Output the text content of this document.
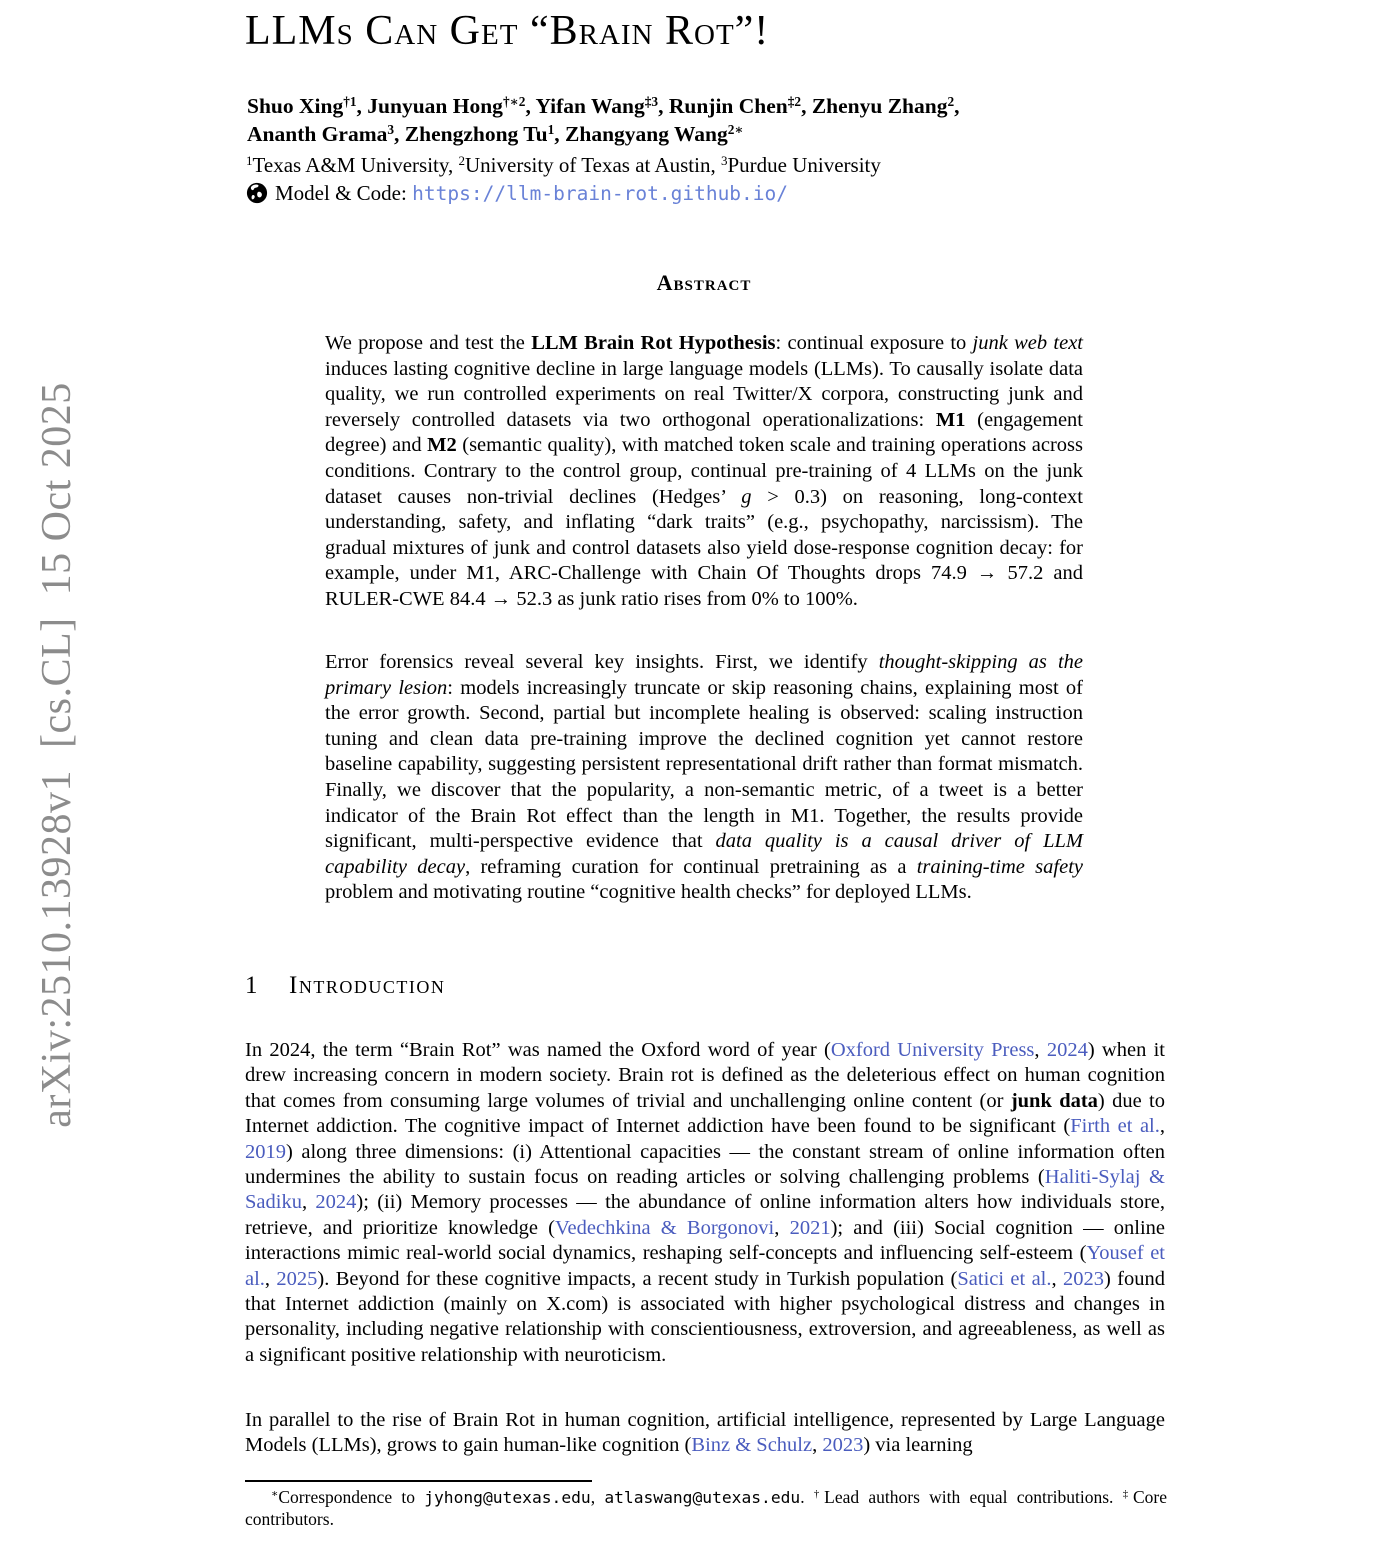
arXiv:2510.13928v1  [cs.CL]  15 Oct 2025
LLMs Can Get “Brain Rot”!
Shuo Xing$^{\dagger 1}$, Junyuan Hong$^{\dagger∗2}$, Yifan Wang$^{\ddagger 3}$, Runjin Chen$^{\ddagger 2}$, Zhenyu Zhang$^2$,
Ananth Grama$^3$, Zhengzhong Tu$^1$, Zhangyang Wang$^{2∗}$
$^1$Texas A&M University, $^2$University of Texas at Austin, $^3$Purdue University
Model & Code: https://llm-brain-rot.github.io/
Abstract

We propose and test the LLM Brain Rot Hypothesis: continual exposure to junk web text induces lasting cognitive decline in large language models (LLMs). To causally isolate data quality, we run controlled experiments on real Twitter/X corpora, constructing junk and reversely controlled datasets via two orthogonal operationalizations: M1 (engagement degree) and M2 (semantic quality), with matched token scale and training operations across conditions. Contrary to the control group, continual pre-training of 4 LLMs on the junk dataset causes non-trivial declines (Hedges’ g > 0.3) on reasoning, long-context understanding, safety, and inflating “dark traits” (e.g., psychopathy, narcissism). The gradual mixtures of junk and control datasets also yield dose-response cognition decay: for example, under M1, ARC-Challenge with Chain Of Thoughts drops 74.9 → 57.2 and RULER-CWE 84.4 → 52.3 as junk ratio rises from 0% to 100%.

Error forensics reveal several key insights. First, we identify thought-skipping as the primary lesion: models increasingly truncate or skip reasoning chains, explaining most of the error growth. Second, partial but incomplete healing is observed: scaling instruction tuning and clean data pre-training improve the declined cognition yet cannot restore baseline capability, suggesting persistent representational drift rather than format mismatch. Finally, we discover that the popularity, a non-semantic metric, of a tweet is a better indicator of the Brain Rot effect than the length in M1. Together, the results provide significant, multi-perspective evidence that data quality is a causal driver of LLM capability decay, reframing curation for continual pretraining as a training-time safety problem and motivating routine “cognitive health checks” for deployed LLMs.

1 Introduction

In 2024, the term “Brain Rot” was named the Oxford word of year (Oxford University Press, 2024) when it drew increasing concern in modern society. Brain rot is defined as the deleterious effect on human cognition that comes from consuming large volumes of trivial and unchallenging online content (or junk data) due to Internet addiction. The cognitive impact of Internet addiction have been found to be significant (Firth et al., 2019) along three dimensions: (i) Attentional capacities — the constant stream of online information often undermines the ability to sustain focus on reading articles or solving challenging problems (Haliti-Sylaj & Sadiku, 2024); (ii) Memory processes — the abundance of online information alters how individuals store, retrieve, and prioritize knowledge (Vedechkina & Borgonovi, 2021); and (iii) Social cognition — online interactions mimic real-world social dynamics, reshaping self-concepts and influencing self-esteem (Yousef et al., 2025). Beyond for these cognitive impacts, a recent study in Turkish population (Satici et al., 2023) found that Internet addiction (mainly on X.com) is associated with higher psychological distress and changes in personality, including negative relationship with conscientiousness, extroversion, and agreeableness, as well as a significant positive relationship with neuroticism.

In parallel to the rise of Brain Rot in human cognition, artificial intelligence, represented by Large Language Models (LLMs), grows to gain human-like cognition (Binz & Schulz, 2023) via learning

∗Correspondence to jyhong@utexas.edu, atlaswang@utexas.edu. †Lead authors with equal contributions. ‡Core contributors.
